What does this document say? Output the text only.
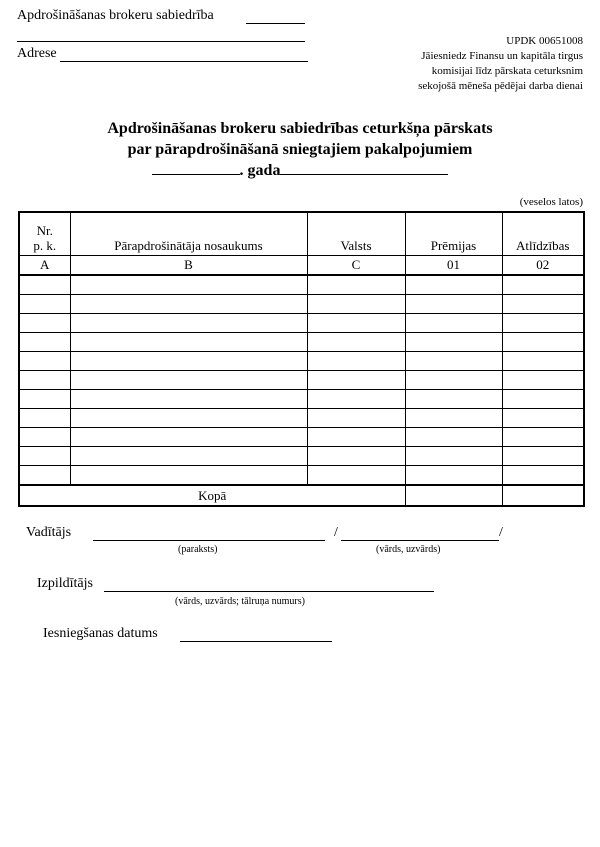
Apdrošināšanas brokeru sabiedrība
Adrese
UPDK 00651008
Jāiesniedz Finansu un kapitāla tirgus
komisijai līdz pārskata ceturksnim
sekojošā mēneša pēdējai darba dienai
Apdrošināšanas brokeru sabiedrības ceturkšņa pārskats
par pārapdrošināšanā sniegtajiem pakalpojumiem
. gada
(veselos latos)
Nr.
p. k.	Pārapdrošinātāja nosaukums	Valsts	Prēmijas	Atlīdzības
A	B	C	01	02

Kopā				
Vadītājs	/	/
(paraksts)	(vārds, uzvārds)
Izpildītājs
(vārds, uzvārds; tālruņa numurs)
Iesniegšanas datums
